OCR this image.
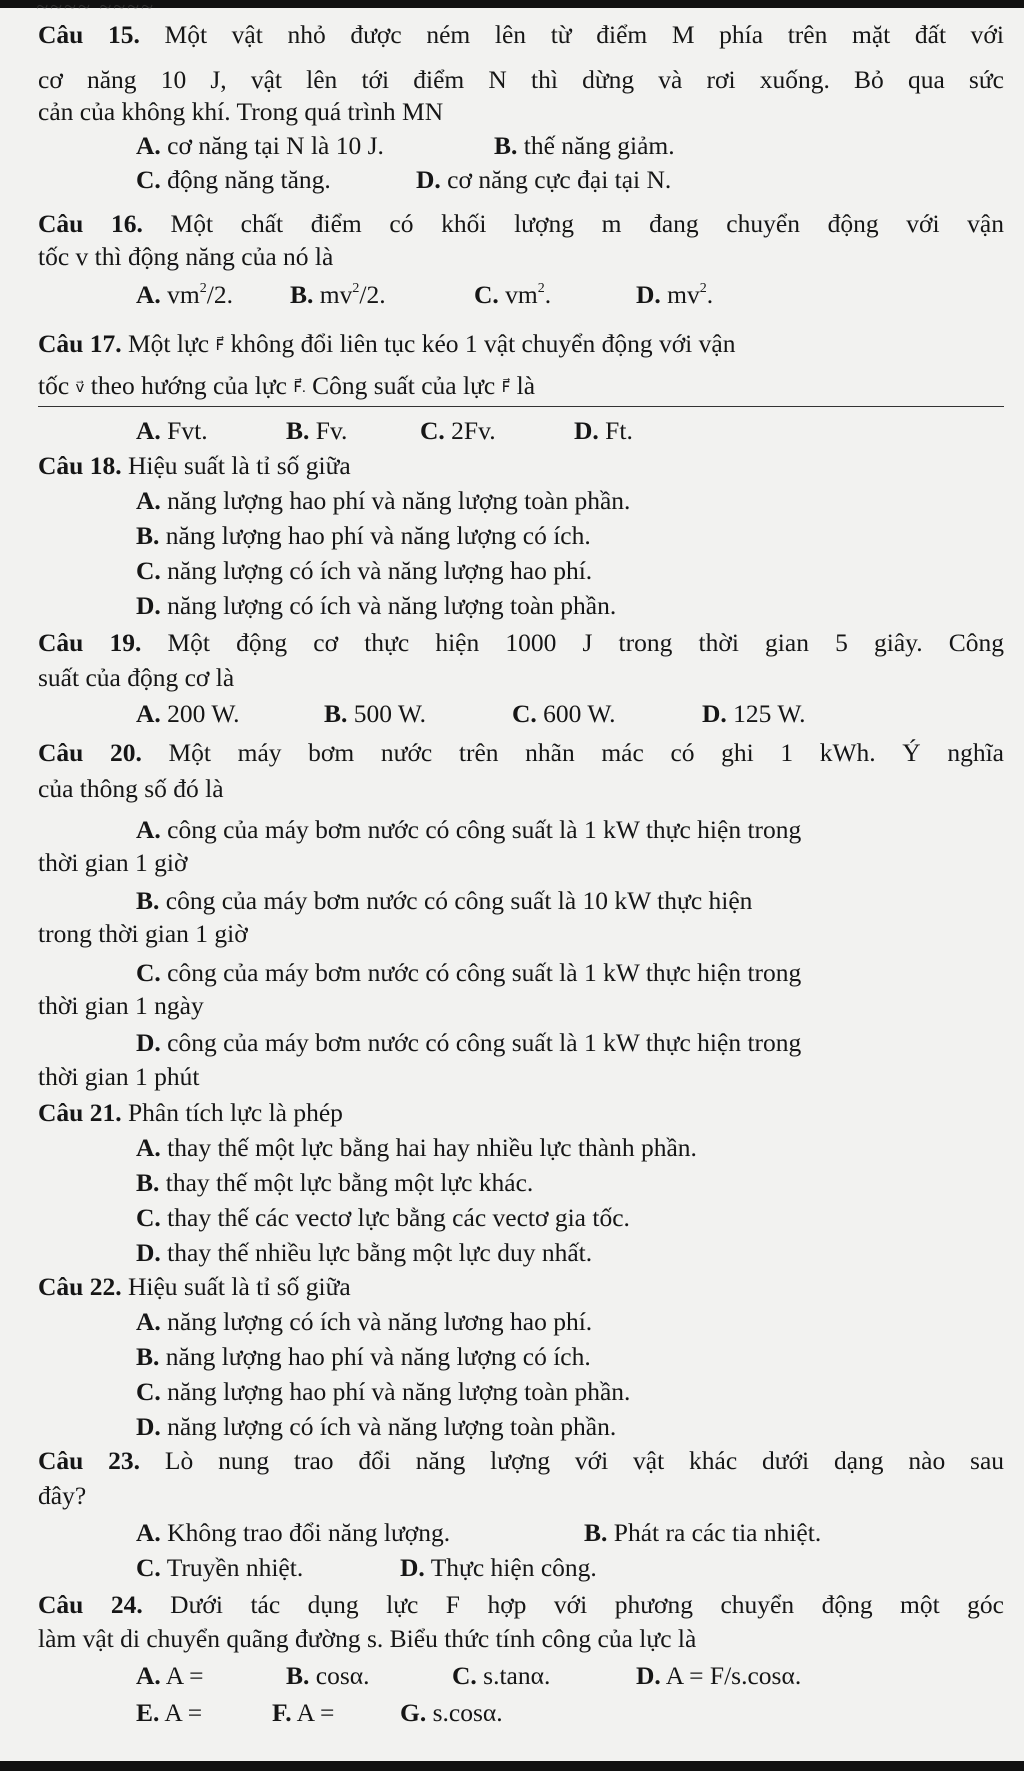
~~~~ ~~~~
Câu 15. Một vật nhỏ được ném lên từ điểm M phía trên mặt đất với
cơ năng 10 J, vật lên tới điểm N thì dừng và rơi xuống. Bỏ qua sức
cản của không khí. Trong quá trình MN
A. cơ năng tại N là 10 J.	B. thế năng giảm.
C. động năng tăng.	D. cơ năng cực đại tại N.
Câu 16. Một chất điểm có khối lượng m đang chuyển động với vận
tốc v thì động năng của nó là
A. $vm^2/2$. B. $mv^2/2$.	C. $vm^2$.	D. $mv^2$.
Câu 17. Một lực F⃗ không đổi liên tục kéo 1 vật chuyển động với vận
tốc v⃗ theo hướng của lực F⃗. Công suất của lực F⃗ là
A. Fvt.	B. Fv.	C. 2Fv.	D. Ft.
Câu 18. Hiệu suất là tỉ số giữa
A. năng lượng hao phí và năng lượng toàn phần.
B. năng lượng hao phí và năng lượng có ích.
C. năng lượng có ích và năng lượng hao phí.
D. năng lượng có ích và năng lượng toàn phần.
Câu 19. Một động cơ thực hiện 1000 J trong thời gian 5 giây. Công
suất của động cơ là
A. 200 W.	B. 500 W.	C. 600 W.	D. 125 W.
Câu 20. Một máy bơm nước trên nhãn mác có ghi 1 kWh. Ý nghĩa
của thông số đó là
A. công của máy bơm nước có công suất là 1 kW thực hiện trong
thời gian 1 giờ
B. công của máy bơm nước có công suất là 10 kW thực hiện
trong thời gian 1 giờ
C. công của máy bơm nước có công suất là 1 kW thực hiện trong
thời gian 1 ngày
D. công của máy bơm nước có công suất là 1 kW thực hiện trong
thời gian 1 phút
Câu 21. Phân tích lực là phép
A. thay thế một lực bằng hai hay nhiều lực thành phần.
B. thay thế một lực bằng một lực khác.
C. thay thế các vectơ lực bằng các vectơ gia tốc.
D. thay thế nhiều lực bằng một lực duy nhất.
Câu 22. Hiệu suất là tỉ số giữa
A. năng lượng có ích và năng lương hao phí.
B. năng lượng hao phí và năng lượng có ích.
C. năng lượng hao phí và năng lượng toàn phần.
D. năng lượng có ích và năng lượng toàn phần.
Câu 23. Lò nung trao đổi năng lượng với vật khác dưới dạng nào sau
đây?
A. Không trao đổi năng lượng.	B. Phát ra các tia nhiệt.
C. Truyền nhiệt.	D. Thực hiện công.
Câu 24. Dưới tác dụng lực F hợp với phương chuyển động một góc
làm vật di chuyển quãng đường s. Biểu thức tính công của lực là
A. A =	B. cosα.	C. s.tanα.	D. A = F/s.cosα.
E. A =	F. A =	G. s.cosα.
